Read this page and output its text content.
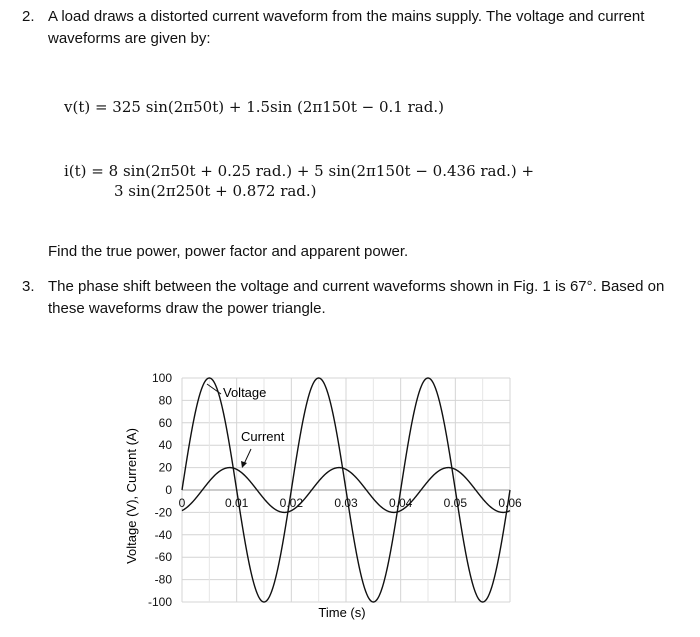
2. A load draws a distorted current waveform from the mains supply. The voltage and current waveforms are given by:
v(t) = 325 sin(2π50t) + 1.5sin (2π150t − 0.1 rad.)
i(t) = 8 sin(2π50t + 0.25 rad.) + 5 sin(2π150t − 0.436 rad.) +
3 sin(2π250t + 0.872 rad.)
Find the true power, power factor and apparent power.
3. The phase shift between the voltage and current waveforms shown in Fig. 1 is 67°. Based on these waveforms draw the power triangle.
100
80
60
40
20
0
-20
-40
-60
-80
-100
0	0.01	0.02	0.03	0.04	0.05	0.06
Voltage (V), Current (A)
Time (s)
Voltage
Current
